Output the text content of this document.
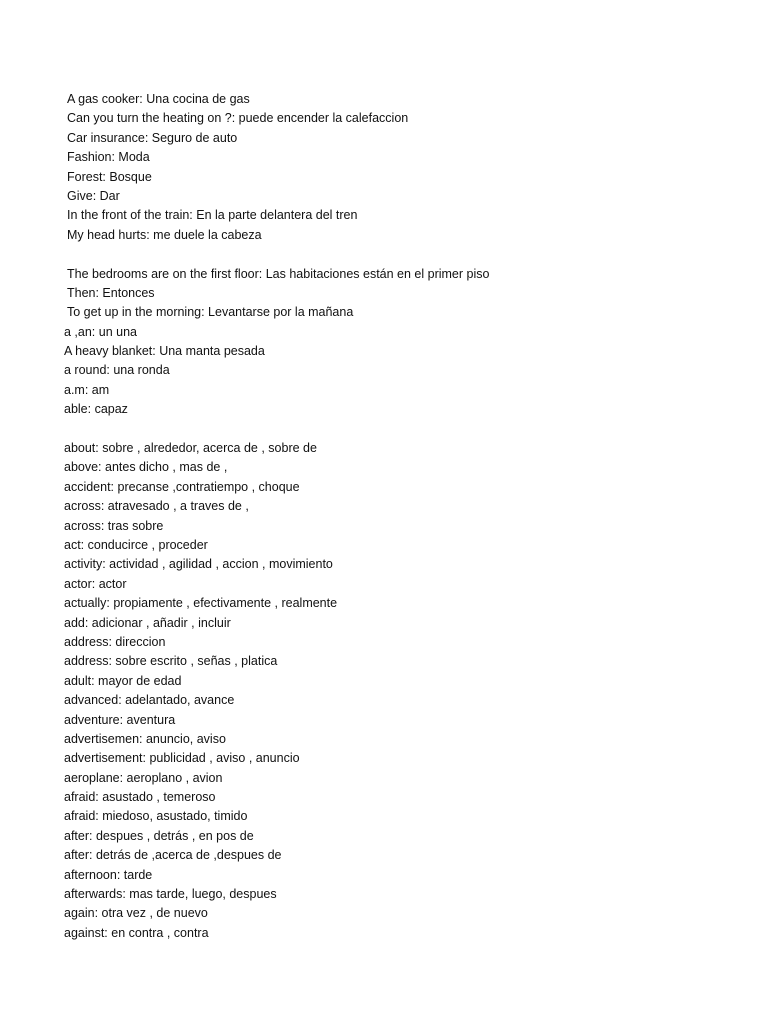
A gas cooker: Una cocina de gas
Can you turn the heating on ?: puede encender la calefaccion
Car insurance: Seguro de auto
Fashion: Moda
Forest: Bosque
Give: Dar
In the front of the train: En la parte delantera del tren
My head hurts: me duele la cabeza
The bedrooms are on the first floor: Las habitaciones están en el primer piso
Then: Entonces
To get up in the morning: Levantarse por la mañana
a ,an: un una
A heavy blanket: Una manta pesada
a round: una ronda
a.m: am
able: capaz
about: sobre , alrededor, acerca de , sobre de
above: antes dicho , mas de ,
accident: precanse ,contratiempo , choque
across: atravesado , a traves de ,
across: tras sobre
act: conducirce , proceder
activity: actividad , agilidad , accion , movimiento
actor: actor
actually: propiamente , efectivamente , realmente
add: adicionar , añadir , incluir
address: direccion
address: sobre escrito , señas , platica
adult: mayor de edad
advanced: adelantado, avance
adventure: aventura
advertisemen: anuncio, aviso
advertisement: publicidad , aviso , anuncio
aeroplane: aeroplano , avion
afraid: asustado , temeroso
afraid: miedoso, asustado, timido
after: despues , detrás , en pos de
after: detrás de ,acerca de ,despues de
afternoon: tarde
afterwards: mas tarde, luego, despues
again: otra vez , de nuevo
against: en contra , contra
